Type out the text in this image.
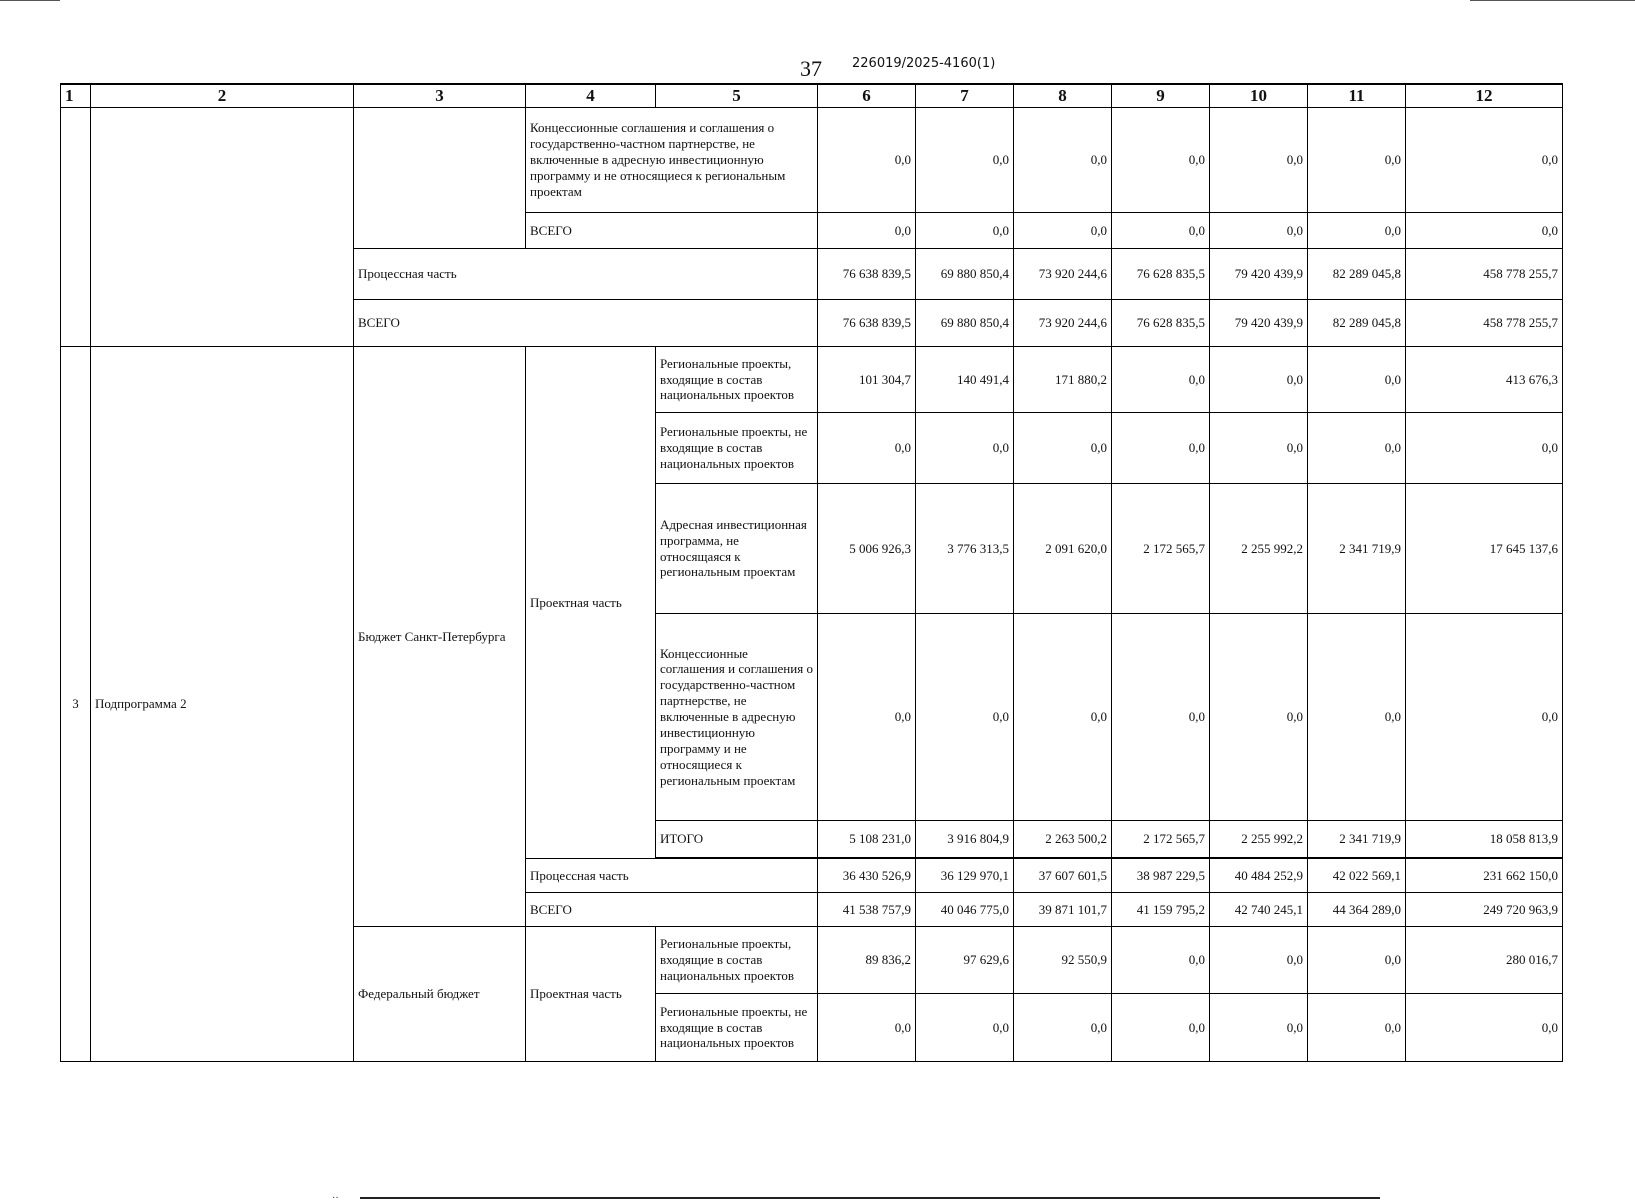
37 226019/2025-4160(1)
1	2	3	4	5	6	7	8	9	10	11	12
			Концессионные соглашения и соглашения о государственно-частном партнерстве, не включенные в адресную инвестиционную программу и не относящиеся к региональным проектам		0,0	0,0	0,0	0,0	0,0	0,0	0,0
			ВСЕГО		0,0	0,0	0,0	0,0	0,0	0,0	0,0
		Процессная часть			76 638 839,5	69 880 850,4	73 920 244,6	76 628 835,5	79 420 439,9	82 289 045,8	458 778 255,7
		ВСЕГО			76 638 839,5	69 880 850,4	73 920 244,6	76 628 835,5	79 420 439,9	82 289 045,8	458 778 255,7
3	Подпрограмма 2	Бюджет Санкт-Петербурга	Проектная часть	Региональные проекты, входящие в состав национальных проектов	101 304,7	140 491,4	171 880,2	0,0	0,0	0,0	413 676,3
				Региональные проекты, не входящие в состав национальных проектов	0,0	0,0	0,0	0,0	0,0	0,0	0,0
				Адресная инвестиционная программа, не относящаяся к региональным проектам	5 006 926,3	3 776 313,5	2 091 620,0	2 172 565,7	2 255 992,2	2 341 719,9	17 645 137,6
				Концессионные соглашения и соглашения о государственно-частном партнерстве, не включенные в адресную инвестиционную программу и не относящиеся к региональным проектам	0,0	0,0	0,0	0,0	0,0	0,0	0,0
				ИТОГО	5 108 231,0	3 916 804,9	2 263 500,2	2 172 565,7	2 255 992,2	2 341 719,9	18 058 813,9

			Процессная часть		36 430 526,9	36 129 970,1	37 607 601,5	38 987 229,5	40 484 252,9	42 022 569,1	231 662 150,0
			ВСЕГО		41 538 757,9	40 046 775,0	39 871 101,7	41 159 795,2	42 740 245,1	44 364 289,0	249 720 963,9
		Федеральный бюджет	Проектная часть	Региональные проекты, входящие в состав национальных проектов	89 836,2	97 629,6	92 550,9	0,0	0,0	0,0	280 016,7
				Региональные проекты, не входящие в состав национальных проектов	0,0	0,0	0,0	0,0	0,0	0,0	0,0
··
